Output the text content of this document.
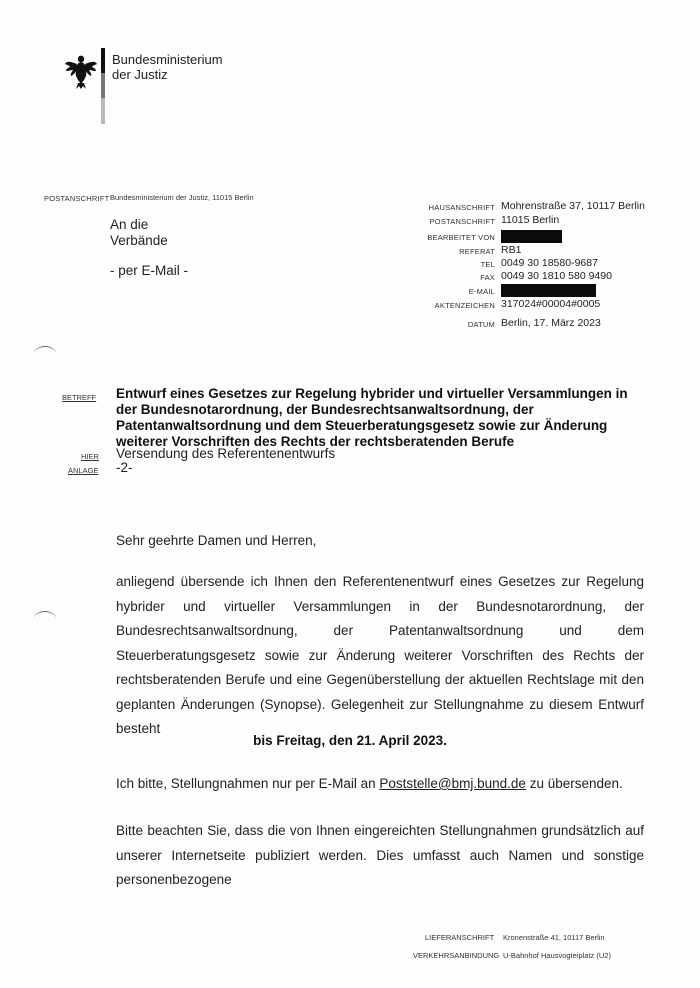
Bundesministerium
der Justiz
POSTANSCHRIFT Bundesministerium der Justiz, 11015 Berlin
An die
Verbände
- per E-Mail -
HAUSANSCHRIFT Mohrenstraße 37, 10117 Berlin
POSTANSCHRIFT 11015 Berlin
BEARBEITET VON
REFERAT RB1
TEL 0049 30 18580-9687
FAX 0049 30 1810 580 9490
E-MAIL
AKTENZEICHEN 317024#00004#0005
DATUM Berlin, 17. März 2023
BETREFF Entwurf eines Gesetzes zur Regelung hybrider und virtueller Versammlungen in der Bundesnotarordnung, der Bundesrechtsanwaltsordnung, der Patentanwaltsordnung und dem Steuerberatungsgesetz sowie zur Änderung weiterer Vorschriften des Rechts der rechtsberatenden Berufe
HIER Versendung des Referentenentwurfs
ANLAGE -2-
Sehr geehrte Damen und Herren,
anliegend übersende ich Ihnen den Referentenentwurf eines Gesetzes zur Regelung hybrider und virtueller Versammlungen in der Bundesnotarordnung, der Bundesrechtsanwaltsordnung, der Patentanwaltsordnung und dem Steuerberatungsgesetz sowie zur Änderung weiterer Vorschriften des Rechts der rechtsberatenden Berufe und eine Gegenüberstellung der aktuellen Rechtslage mit den geplanten Änderungen (Synopse). Gelegenheit zur Stellungnahme zu diesem Entwurf besteht
bis Freitag, den 21. April 2023.
Ich bitte, Stellungnahmen nur per E-Mail an Poststelle@bmj.bund.de zu übersenden.
Bitte beachten Sie, dass die von Ihnen eingereichten Stellungnahmen grundsätzlich auf unserer Internetseite publiziert werden. Dies umfasst auch Namen und sonstige personenbezogene
LIEFERANSCHRIFT Kronenstraße 41, 10117 Berlin
VERKEHRSANBINDUNG U-Bahnhof Hausvogteiplatz (U2)
